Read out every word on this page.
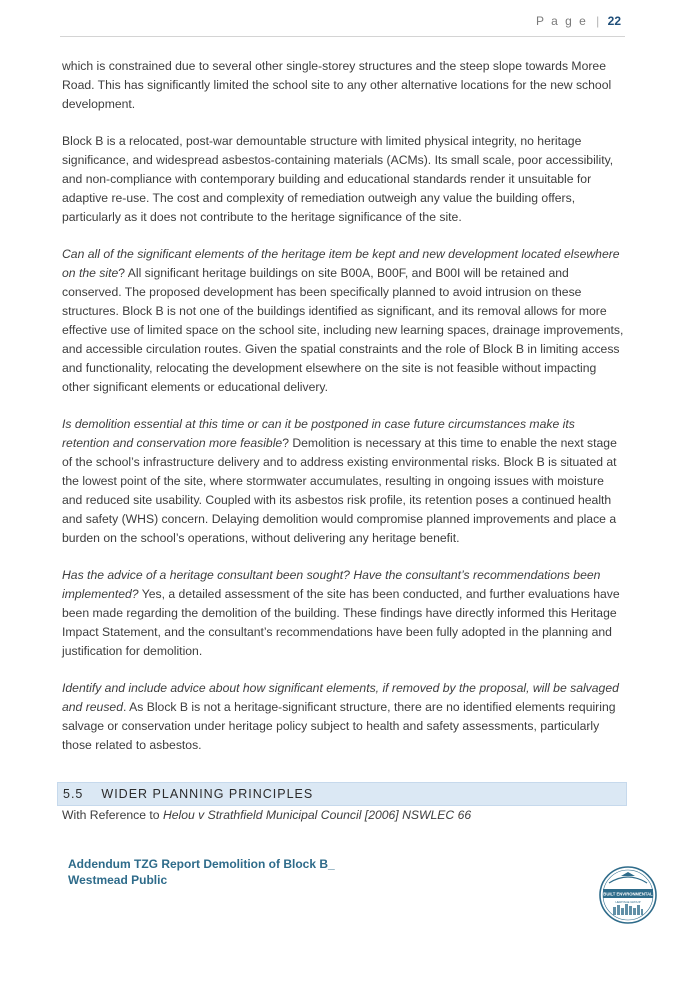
P a g e | 22

which is constrained due to several other single-storey structures and the steep slope towards Moree Road. This has significantly limited the school site to any other alternative locations for the new school development.

Block B is a relocated, post-war demountable structure with limited physical integrity, no heritage significance, and widespread asbestos-containing materials (ACMs). Its small scale, poor accessibility, and non-compliance with contemporary building and educational standards render it unsuitable for adaptive re-use. The cost and complexity of remediation outweigh any value the building offers, particularly as it does not contribute to the heritage significance of the site.

Can all of the significant elements of the heritage item be kept and new development located elsewhere on the site? All significant heritage buildings on site B00A, B00F, and B00I will be retained and conserved. The proposed development has been specifically planned to avoid intrusion on these structures. Block B is not one of the buildings identified as significant, and its removal allows for more effective use of limited space on the school site, including new learning spaces, drainage improvements, and accessible circulation routes. Given the spatial constraints and the role of Block B in limiting access and functionality, relocating the development elsewhere on the site is not feasible without impacting other significant elements or educational delivery.

Is demolition essential at this time or can it be postponed in case future circumstances make its retention and conservation more feasible? Demolition is necessary at this time to enable the next stage of the school’s infrastructure delivery and to address existing environmental risks. Block B is situated at the lowest point of the site, where stormwater accumulates, resulting in ongoing issues with moisture and reduced site usability. Coupled with its asbestos risk profile, its retention poses a continued health and safety (WHS) concern. Delaying demolition would compromise planned improvements and place a burden on the school’s operations, without delivering any heritage benefit.

Has the advice of a heritage consultant been sought? Have the consultant’s recommendations been implemented? Yes, a detailed assessment of the site has been conducted, and further evaluations have been made regarding the demolition of the building. These findings have directly informed this Heritage Impact Statement, and the consultant’s recommendations have been fully adopted in the planning and justification for demolition.

Identify and include advice about how significant elements, if removed by the proposal, will be salvaged and reused. As Block B is not a heritage-significant structure, there are no identified elements requiring salvage or conservation under heritage policy subject to health and safety assessments, particularly those related to asbestos.

5.5 WIDER PLANNING PRINCIPLES
With Reference to Helou v Strathfield Municipal Council [2006] NSWLEC 66
Addendum TZG Report Demolition of Block B_
Westmead Public
BUILT ENVIRONMENTAL
HERITAGE GROUP
